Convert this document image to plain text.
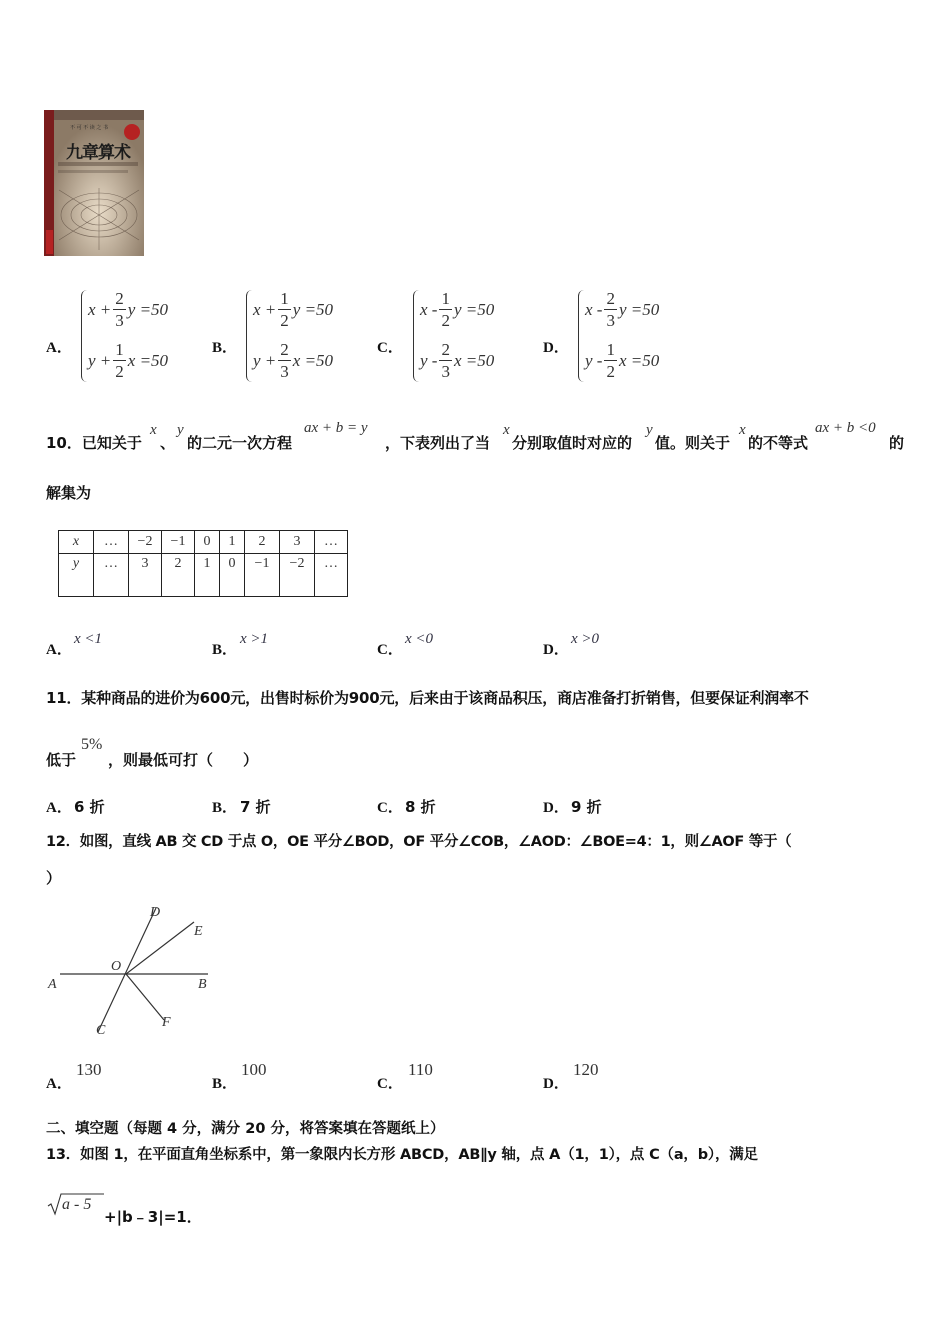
不 可 不 读 之 书
九章算术
A．
$x + \frac{2}{3}$ y =50
$y + \frac{1}{2}$ x =50
B．
$x + \frac{1}{2}$ y =50
$y + \frac{2}{3}$ x =50
C．
x - $\frac{1}{2}$ y =50
y - $\frac{2}{3}$ x =50
D．
x - $\frac{2}{3}$ y =50
y - $\frac{1}{2}$ x =50
10．已知关于
x
、
y
的二元一次方程
ax + b = y
，下表列出了当
x
分别取值时对应的
y
值。则关于
x
的不等式
ax + b <0
的
解集为
x	…	−2	−1	0	1	2	3	…
y	…	3	2	1	0	−1	−2	…
A．
x <1
B．
x >1
C．
x <0
D．
x >0
11．某种商品的进价为600元，出售时标价为900元，后来由于该商品积压，商店准备打折销售，但要保证利润率不
低于
5%
，则最低可打（　　）
A． 6 折	B． 7 折	C． 8 折	D． 9 折
12．如图，直线 AB 交 CD 于点 O，OE 平分∠BOD，OF 平分∠COB，∠AOD：∠BOE=4：1，则∠AOF 等于（
）
A	B
C
D
E
F
O
A．
130
B．
100
C．
110
D．
120
二、填空题（每题 4 分，满分 20 分，将答案填在答题纸上）
13．如图 1，在平面直角坐标系中，第一象限内长方形 ABCD，AB∥y 轴，点 A（1，1），点 C（a，b），满足
a - 5
+|b﹣3|=1．
